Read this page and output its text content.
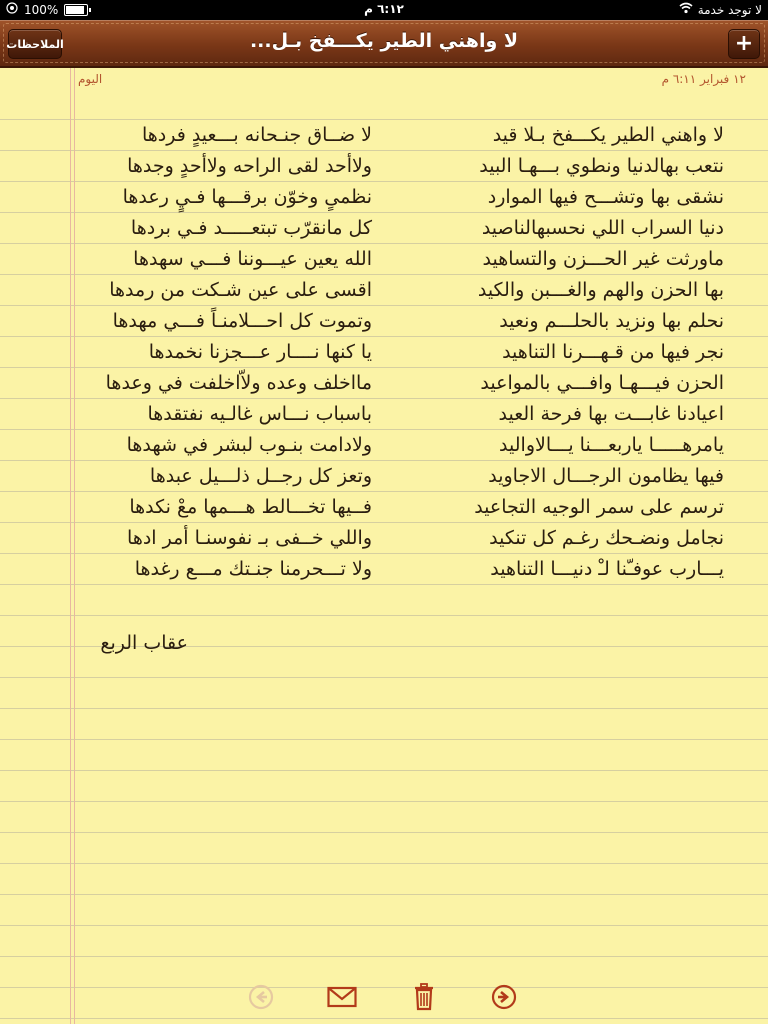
100%	٦:١٢ م	لا توجد خدمة
الملاحظات	لا واهني الطير يكـــفخ بـل...	+
اليوم	١٢ فبراير ٦:١١ م
لا واهني الطير يكـــفخ بـلا قيد
لا ضــاق جنـحانه بـــعيدٍ فردها
نتعب بهالدنيا ونطوي بـــهـا البيد
ولاأحد لقى الراحه ولاأحدٍ وجدها
نشقى بها وتشـــح فيها الموارد
نظمىٍ وخوّن برقـــها فـيٍ رعدها
دنيا السراب اللي نحسبهالناصيد
كل مانقرّب تبتعـــــد فـي بردها
ماورثت غير الحـــزن والتساهيد
الله يعين عيـــوننا فـــي سهدها
بها الحزن والهم والغـــبن والكيد
اقسى على عين شـكت من رمدها
نحلم بها ونزيد بالحلـــم ونعيد
وتموت كل احـــلامنـاً فـــي مهدها
نجر فيها من قـهـــرنا التناهيد
يا كنها نــــار عـــجزنا نخمدها
الحزن فيـــهـا وافـــي بالمواعيد
مااخلف وعده ولاّاخلفت في وعدها
اعيادنا غابـــت بها فرحة العيد
باسباب نـــاس غالـيه نفتقدها
يامرهـــــا ياربعـــنا يـــالاواليد
ولادامت بنـوب لبشر في شهدها
فيها يظامون الرجـــال الاجاويد
وتعز كل رجــل ذلـــيل عبدها
ترسم على سمر الوجيه التجاعيد
فــيها تخـــالط هـــمها معْ نكدها
نجامل ونضـحك رغـم كل تنكيد
واللي خــفى بـ نفوسنـا أمر ادها
يـــارب عوفـّنا لـْ دنيـــا التناهيد
ولا تـــحرمنا جنـتك مـــع رغدها
عقاب الربع
